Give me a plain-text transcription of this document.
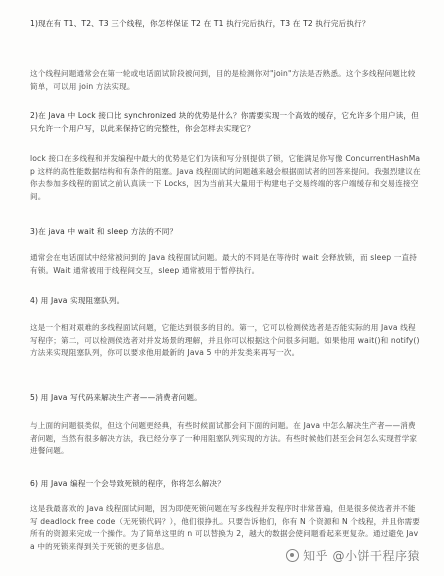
1)现在有 T1、T2、T3 三个线程，你怎样保证 T2 在 T1 执行完后执行，T3 在 T2 执行完后执行？
这个线程问题通常会在第一轮或电话面试阶段被问到，目的是检测你对"join"方法是否熟悉。这个多线程问题比较简单，可以用 join 方法实现。
2)在 Java 中 Lock 接口比 synchronized 块的优势是什么？你需要实现一个高效的缓存，它允许多个用户读，但只允许一个用户写，以此来保持它的完整性，你会怎样去实现它？
lock 接口在多线程和并发编程中最大的优势是它们为读和写分别提供了锁，它能满足你写像 ConcurrentHashMap 这样的高性能数据结构和有条件的阻塞。Java 线程面试的问题越来越会根据面试者的回答来提问。我强烈建议在你去参加多线程的面试之前认真读一下 Locks，因为当前其大量用于构建电子交易终端的客户端缓存和交易连接空间。
3)在 java 中 wait 和 sleep 方法的不同？
通常会在电话面试中经常被问到的 Java 线程面试问题。最大的不同是在等待时 wait 会释放锁，而 sleep 一直持有锁。Wait 通常被用于线程间交互，sleep 通常被用于暂停执行。
4) 用 Java 实现阻塞队列。
这是一个相对艰难的多线程面试问题，它能达到很多的目的。第一，它可以检测侯选者是否能实际的用 Java 线程写程序；第二，可以检测侯选者对并发场景的理解，并且你可以根据这个问很多问题。如果他用 wait()和 notify()方法来实现阻塞队列，你可以要求他用最新的 Java 5 中的并发类来再写一次。
5) 用 Java 写代码来解决生产者——消费者问题。
与上面的问题很类似，但这个问题更经典，有些时候面试都会问下面的问题。在 Java 中怎么解决生产者——消费者问题，当然有很多解决方法，我已经分享了一种用阻塞队列实现的方法。有些时候他们甚至会问怎么实现哲学家进餐问题。
6) 用 Java 编程一个会导致死锁的程序，你将怎么解决？
这是我最喜欢的 Java 线程面试问题，因为即使死锁问题在写多线程并发程序时非常普遍，但是很多侯选者并不能写 deadlock free code（无死锁代码？），他们很挣扎。只要告诉他们，你有 N 个资源和 N 个线程，并且你需要所有的资源来完成一个操作。为了简单这里的 n 可以替换为 2，越大的数据会使问题看起来更复杂。通过避免 Java 中的死锁来得到关于死锁的更多信息。
知乎 @小饼干程序猿
